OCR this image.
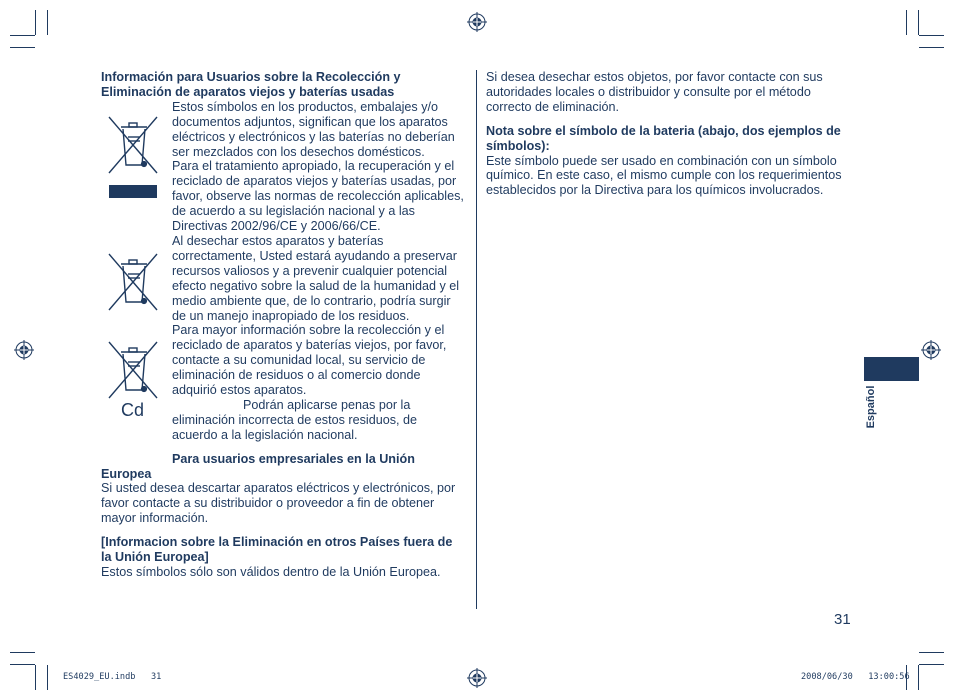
Información para Usuarios sobre la Recolección y Eliminación de aparatos viejos y baterías usadas

Cd

Estos símbolos en los productos, embalajes y/o documentos adjuntos, significan que los aparatos eléctricos y electrónicos y las baterías no deberían ser mezclados con los desechos domésticos.

Para el tratamiento apropiado, la recuperación y el reciclado de aparatos viejos y baterías usadas, por favor, observe las normas de recolección aplicables, de acuerdo a su legislación nacional y a las Directivas 2002/96/CE y 2006/66/CE.

Al desechar estos aparatos y baterías correctamente, Usted estará ayudando a preservar recursos valiosos y a prevenir cualquier potencial efecto negativo sobre la salud de la humanidad y el medio ambiente que, de lo contrario, podría surgir de un manejo inapropiado de los residuos.

Para mayor información sobre la recolección y el reciclado de aparatos y baterías viejos, por favor, contacte a su comunidad local, su servicio de eliminación de residuos o al comercio donde adquirió estos aparatos.

Podrán aplicarse penas por la eliminación incorrecta de estos residuos, de acuerdo a la legislación nacional.

Para usuarios empresariales en la Unión Europea

Si usted desea descartar aparatos eléctricos y electrónicos, por favor contacte a su distribuidor o proveedor a fin de obtener mayor información.

[Informacion sobre la Eliminación en otros Países fuera de la Unión Europea]

Estos símbolos sólo son válidos dentro de la Unión Europea.

Si desea desechar estos objetos, por favor contacte con sus autoridades locales o distribuidor y consulte por el método correcto de eliminación.

Nota sobre el símbolo de la bateria (abajo, dos ejemplos de símbolos):

Este símbolo puede ser usado en combinación con un símbolo químico. En este caso, el mismo cumple con los requerimientos establecidos por la Directiva para los químicos involucrados.

Español
31
ES4029_EU.indb   31	2008/06/30   13:00:56
